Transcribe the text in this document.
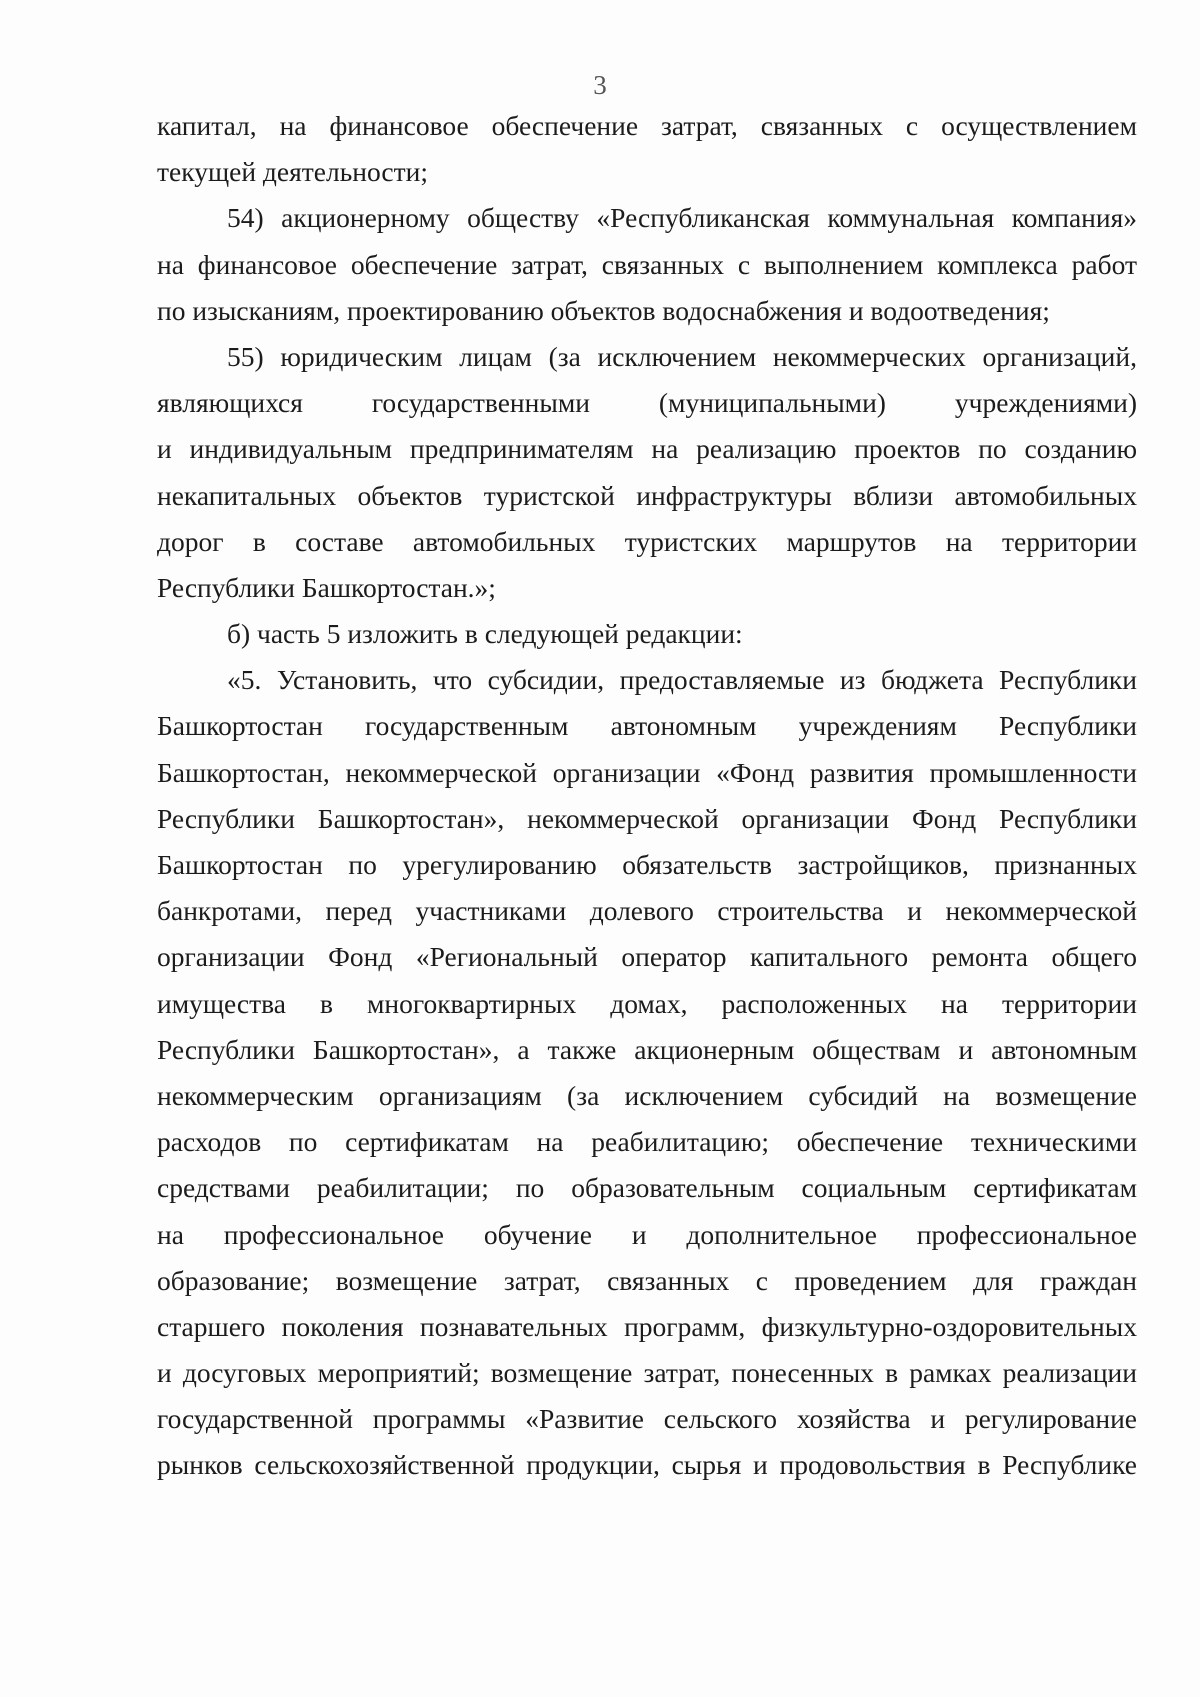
3
капитал, на финансовое обеспечение затрат, связанных с осуществлением
текущей деятельности;
54) акционерному обществу «Республиканская коммунальная компания»
на финансовое обеспечение затрат, связанных с выполнением комплекса работ
по изысканиям, проектированию объектов водоснабжения и водоотведения;
55) юридическим лицам (за исключением некоммерческих организаций,
являющихся государственными (муниципальными) учреждениями)
и индивидуальным предпринимателям на реализацию проектов по созданию
некапитальных объектов туристской инфраструктуры вблизи автомобильных
дорог в составе автомобильных туристских маршрутов на территории
Республики Башкортостан.»;
б) часть 5 изложить в следующей редакции:
«5. Установить, что субсидии, предоставляемые из бюджета Республики
Башкортостан государственным автономным учреждениям Республики
Башкортостан, некоммерческой организации «Фонд развития промышленности
Республики Башкортостан», некоммерческой организации Фонд Республики
Башкортостан по урегулированию обязательств застройщиков, признанных
банкротами, перед участниками долевого строительства и некоммерческой
организации Фонд «Региональный оператор капитального ремонта общего
имущества в многоквартирных домах, расположенных на территории
Республики Башкортостан», а также акционерным обществам и автономным
некоммерческим организациям (за исключением субсидий на возмещение
расходов по сертификатам на реабилитацию; обеспечение техническими
средствами реабилитации; по образовательным социальным сертификатам
на профессиональное обучение и дополнительное профессиональное
образование; возмещение затрат, связанных с проведением для граждан
старшего поколения познавательных программ, физкультурно-оздоровительных
и досуговых мероприятий; возмещение затрат, понесенных в рамках реализации
государственной программы «Развитие сельского хозяйства и регулирование
рынков сельскохозяйственной продукции, сырья и продовольствия в Республике
